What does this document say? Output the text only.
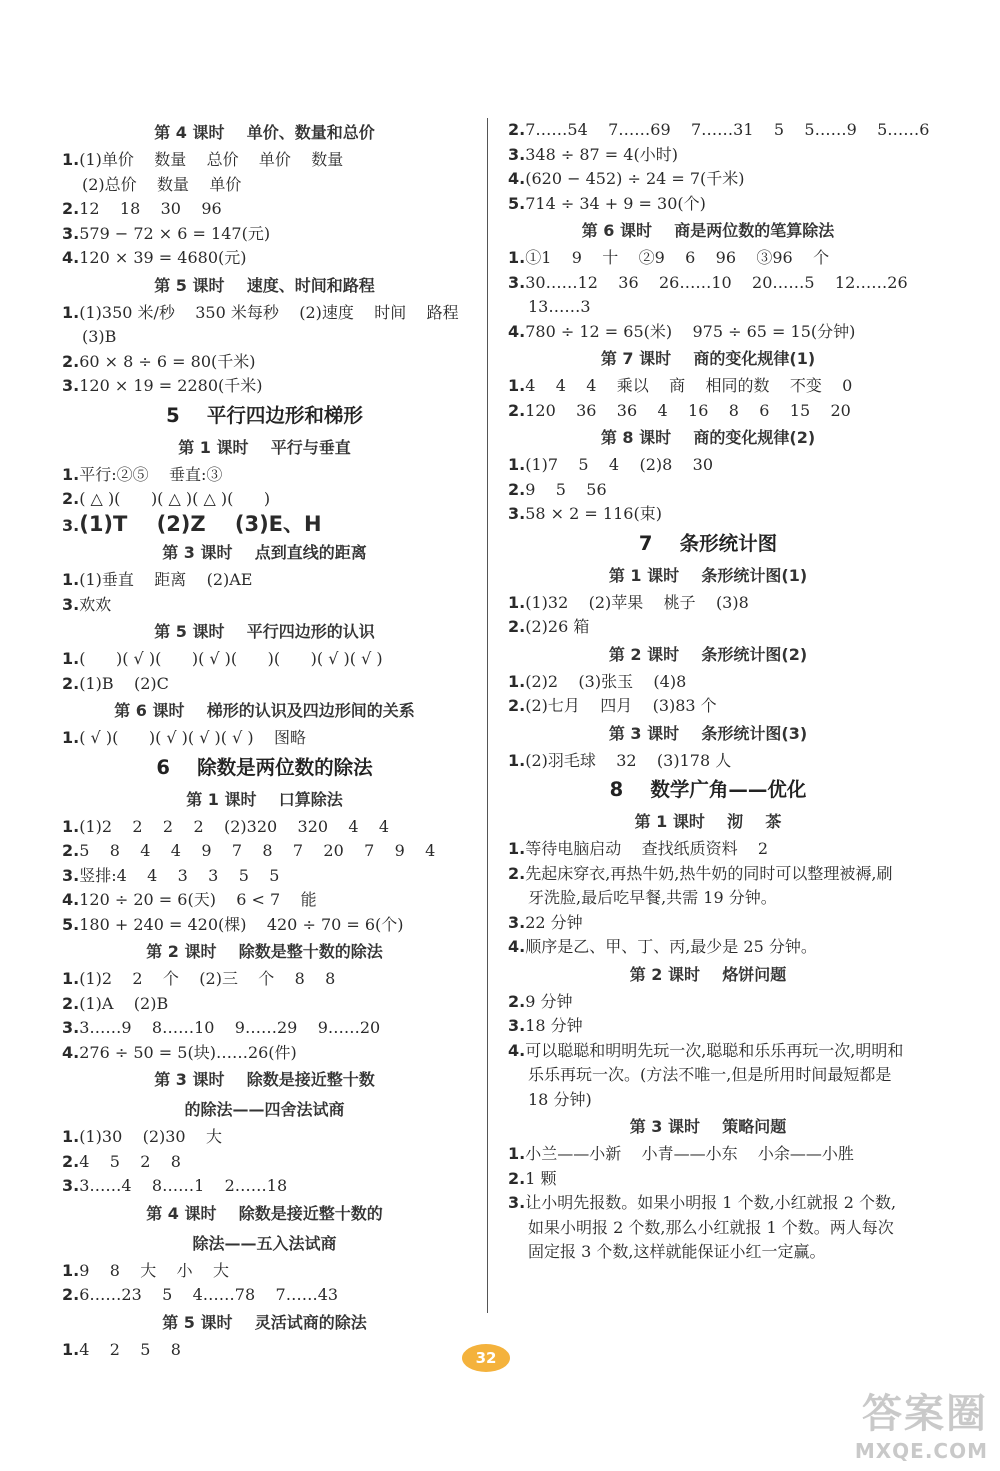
第 4 课时    单价、数量和总价
1.(1)单价    数量    总价    单价    数量
(2)总价    数量    单价
2.12    18    30    96
3.579 − 72 × 6 = 147(元)
4.120 × 39 = 4680(元)
第 5 课时    速度、时间和路程
1.(1)350 米/秒    350 米每秒    (2)速度    时间    路程    (3)B
2.60 × 8 ÷ 6 = 80(千米)
3.120 × 19 = 2280(千米)
5    平行四边形和梯形
第 1 课时    平行与垂直
1.平行:②⑤    垂直:③
2.( △ )(      )( △ )( △ )(      )
3.(1)T    (2)Z    (3)E、H
第 3 课时    点到直线的距离
1.(1)垂直    距离    (2)AE
3.欢欢
第 5 课时    平行四边形的认识
1.(      )( √ )(      )( √ )(      )(      )( √ )( √ )
2.(1)B    (2)C
第 6 课时    梯形的认识及四边形间的关系
1.( √ )(      )( √ )( √ )( √ )    图略
6    除数是两位数的除法
第 1 课时    口算除法
1.(1)2    2    2    2    (2)320    320    4    4
2.5    8    4    4    9    7    8    7    20    7    9    4
3.竖排:4    4    3    3    5    5
4.120 ÷ 20 = 6(天)    6 < 7    能
5.180 + 240 = 420(棵)    420 ÷ 70 = 6(个)
第 2 课时    除数是整十数的除法
1.(1)2    2    个    (2)三    个    8    8
2.(1)A    (2)B
3.3……9    8……10    9……29    9……20
4.276 ÷ 50 = 5(块)……26(件)
第 3 课时    除数是接近整十数
的除法——四舍法试商
1.(1)30    (2)30    大
2.4    5    2    8
3.3……4    8……1    2……18
第 4 课时    除数是接近整十数的
除法——五入法试商
1.9    8    大    小    大
2.6……23    5    4……78    7……43
第 5 课时    灵活试商的除法
1.4    2    5    8
2.7……54    7……69    7……31    5    5……9    5……6
3.348 ÷ 87 = 4(小时)
4.(620 − 452) ÷ 24 = 7(千米)
5.714 ÷ 34 + 9 = 30(个)
第 6 课时    商是两位数的笔算除法
1.①1    9    十    ②9    6    96    ③96    个
3.30……12    36    26……10    20……5    12……26
13……3
4.780 ÷ 12 = 65(米)    975 ÷ 65 = 15(分钟)
第 7 课时    商的变化规律(1)
1.4    4    4    乘以    商    相同的数    不变    0
2.120    36    36    4    16    8    6    15    20
第 8 课时    商的变化规律(2)
1.(1)7    5    4    (2)8    30
2.9    5    56
3.58 × 2 = 116(束)
7    条形统计图
第 1 课时    条形统计图(1)
1.(1)32    (2)苹果    桃子    (3)8
2.(2)26 箱
第 2 课时    条形统计图(2)
1.(2)2    (3)张玉    (4)8
2.(2)七月    四月    (3)83 个
第 3 课时    条形统计图(3)
1.(2)羽毛球    32    (3)178 人
8    数学广角——优化
第 1 课时    沏    茶
1.等待电脑启动    查找纸质资料    2
2.先起床穿衣,再热牛奶,热牛奶的同时可以整理被褥,刷牙洗脸,最后吃早餐,共需 19 分钟。
3.22 分钟
4.顺序是乙、甲、丁、丙,最少是 25 分钟。
第 2 课时    烙饼问题
2.9 分钟
3.18 分钟
4.可以聪聪和明明先玩一次,聪聪和乐乐再玩一次,明明和乐乐再玩一次。(方法不唯一,但是所用时间最短都是 18 分钟)
第 3 课时    策略问题
1.小兰——小新    小青——小东    小余——小胜
2.1 颗
3.让小明先报数。如果小明报 1 个数,小红就报 2 个数,如果小明报 2 个数,那么小红就报 1 个数。两人每次固定报 3 个数,这样就能保证小红一定赢。
32
答案圈
MXQE.COM
